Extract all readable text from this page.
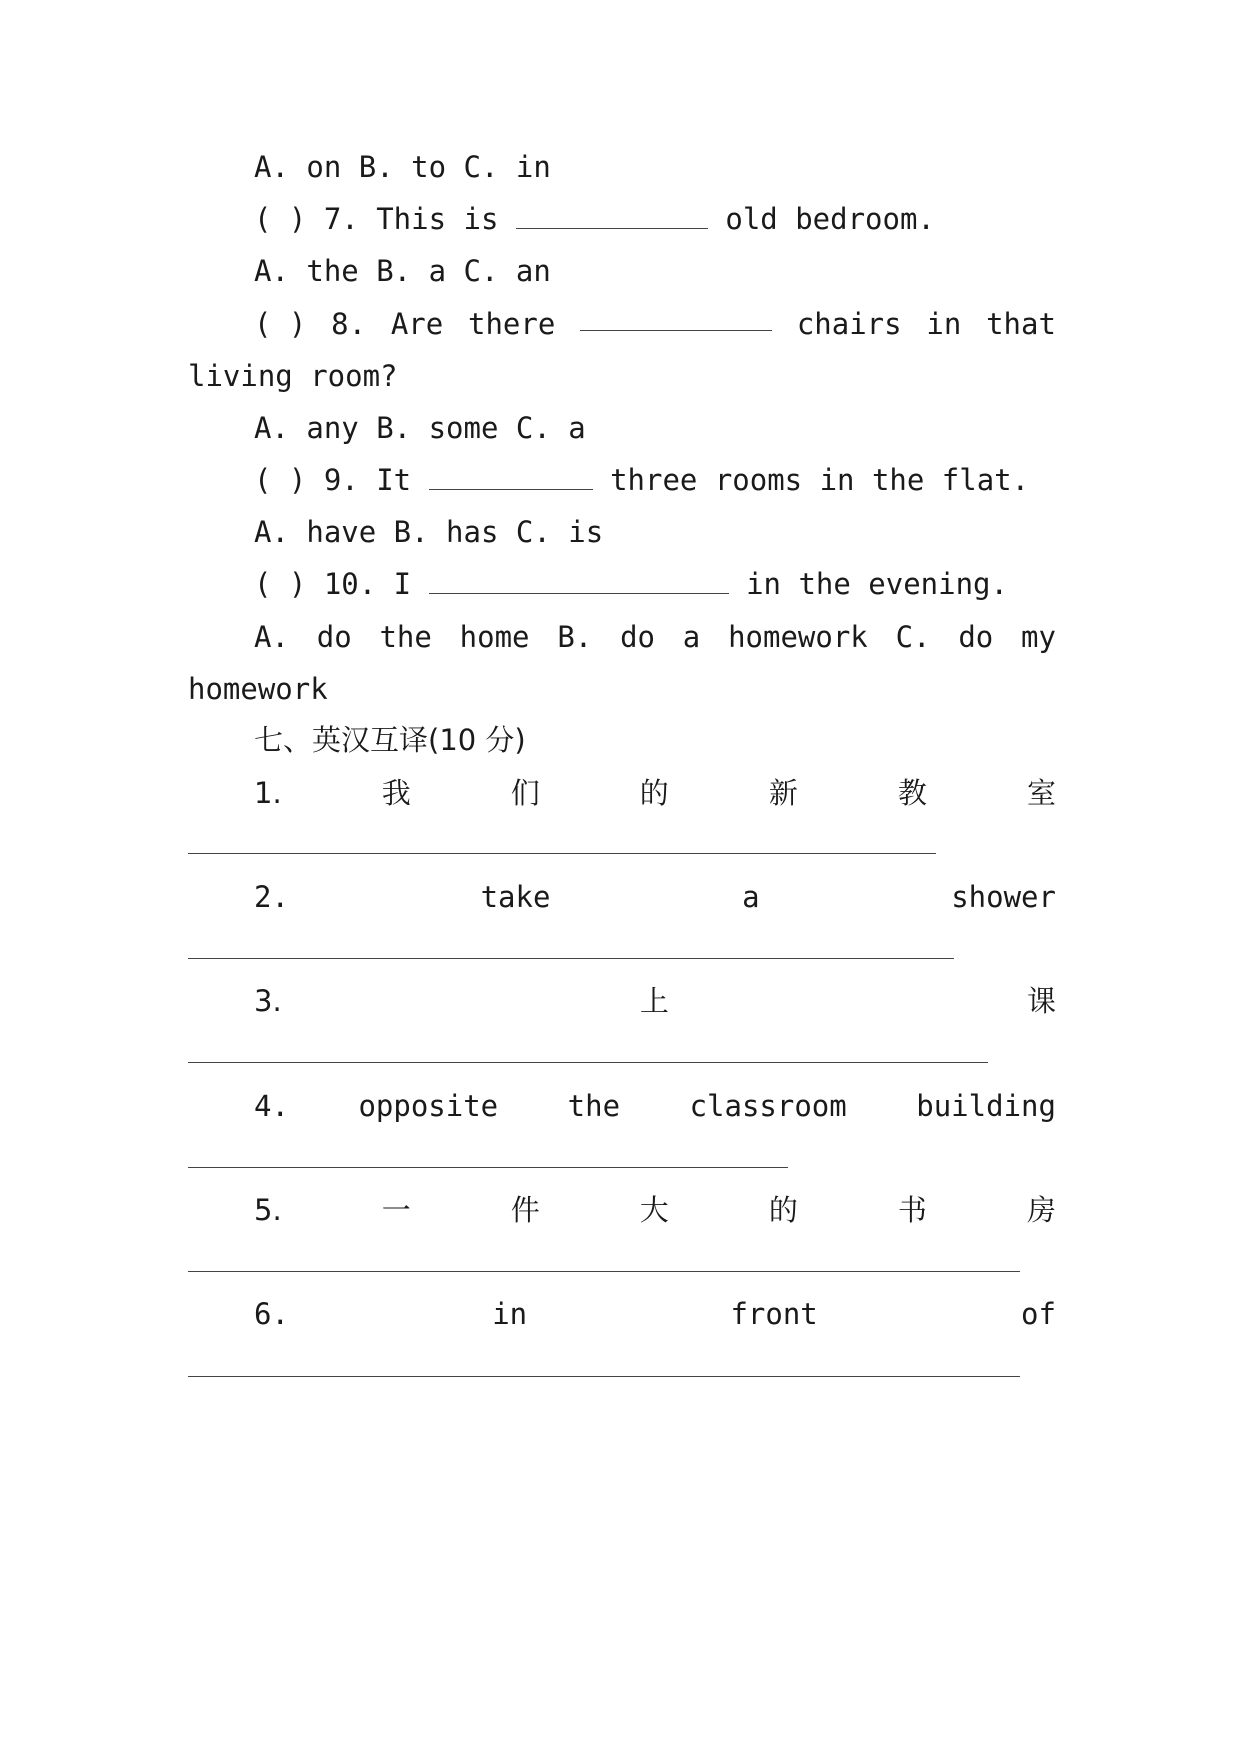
A. on B. to C. in
( ) 7. This is	old bedroom.
A. the B. a C. an
( ) 8. Are there	chairs in that
living room?
A. any B. some C. a
( ) 9. It	three rooms in the flat.
A. have B. has C. is
( ) 10. I	in the evening.
A. do the home B. do a homework C. do my
homework
七、英汉互译(10 分)
1.	我	们	的	新	教	室
2.	take	a	shower
3.	上	课
4. opposite the classroom building
5.	一	件	大	的	书	房
6.	in	front	of
